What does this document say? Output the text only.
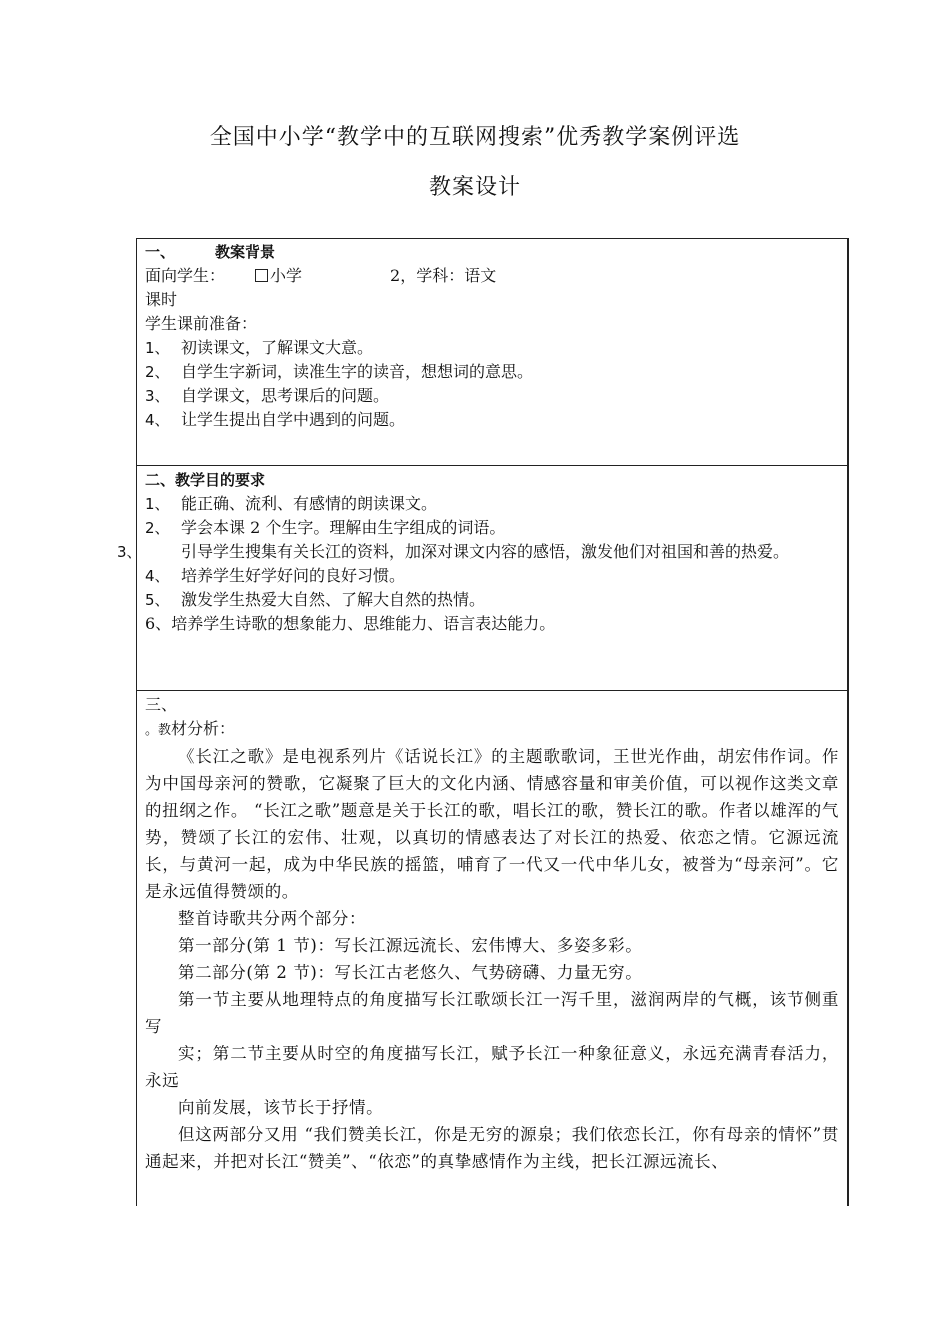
全国中小学“教学中的互联网搜索”优秀教学案例评选
教案设计
一、	教案背景
面向学生：	小学	2，学科：语文
课时
学生课前准备：
1、 初读课文，了解课文大意。
2、 自学生字新词，读准生字的读音，想想词的意思。
3、 自学课文，思考课后的问题。
4、 让学生提出自学中遇到的问题。
二、教学目的要求
1、 能正确、流利、有感情的朗读课文。
2、 学会本课 2 个生字。理解由生字组成的词语。
3、 引导学生搜集有关长江的资料，加深对课文内容的感悟，激发他们对祖国和善的热爱。
4、 培养学生好学好问的良好习惯。
5、 激发学生热爱大自然、了解大自然的热情。
6、培养学生诗歌的想象能力、思维能力、语言表达能力。
三、
。教材分析：
《长江之歌》是电视系列片《话说长江》的主题歌歌词，王世光作曲，胡宏伟作词。作为中国母亲河的赞歌，它凝聚了巨大的文化内涵、情感容量和审美价值，可以视作这类文章的扭纲之作。 “长江之歌”题意是关于长江的歌，唱长江的歌，赞长江的歌。作者以雄浑的气势，赞颂了长江的宏伟、壮观，以真切的情感表达了对长江的热爱、依恋之情。它源远流长，与黄河一起，成为中华民族的摇篮，哺育了一代又一代中华儿女，被誉为“母亲河”。它是永远值得赞颂的。
整首诗歌共分两个部分：
第一部分(第 1 节)：写长江源远流长、宏伟博大、多姿多彩。
第二部分(第 2 节)：写长江古老悠久、气势磅礴、力量无穷。
第一节主要从地理特点的角度描写长江歌颂长江一泻千里，滋润两岸的气概，该节侧重写
实；第二节主要从时空的角度描写长江，赋予长江一种象征意义，永远充满青春活力，永远
向前发展，该节长于抒情。
但这两部分又用 “我们赞美长江，你是无穷的源泉；我们依恋长江，你有母亲的情怀”贯通起来，并把对长江“赞美”、“依恋”的真挚感情作为主线，把长江源远流长、
